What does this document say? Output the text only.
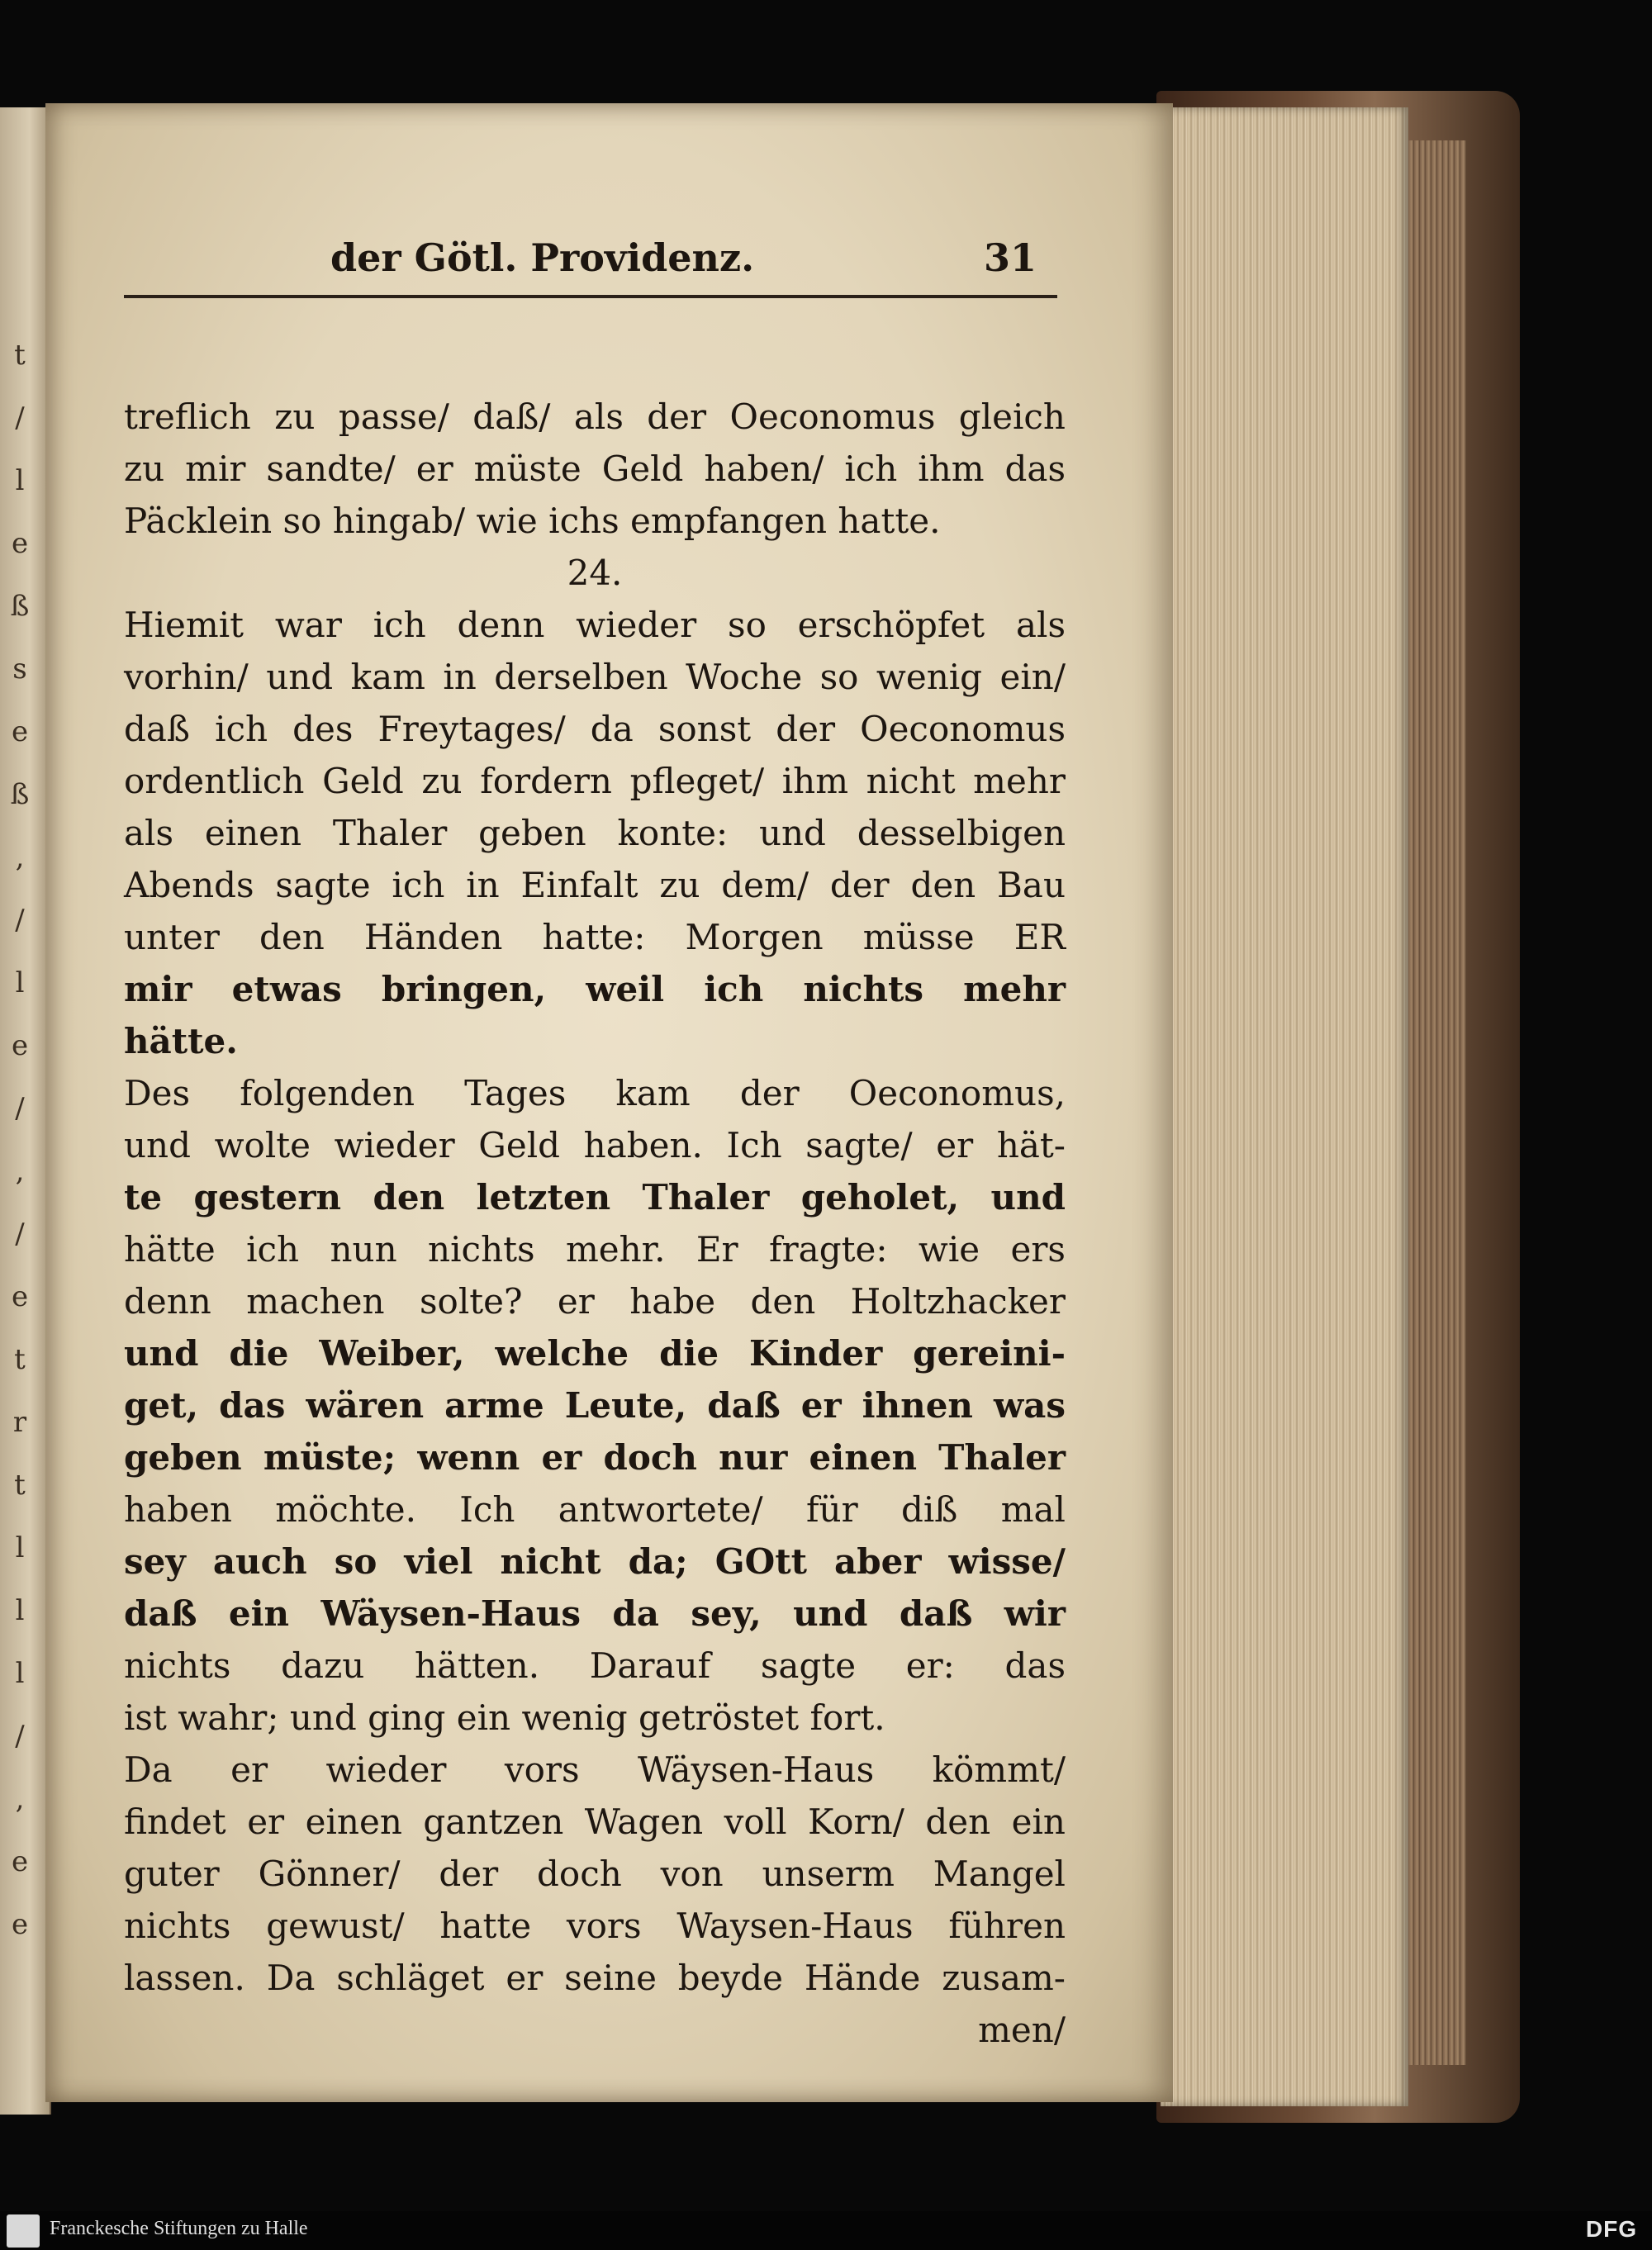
t
/
l
e
ß
s
e
ß
,
/
l
e
/
,
/
e
t
r
t
l
l
l
/
,
e
e
der Götl. Providenz.	31
treflich zu passe/ daß/ als der Oeconomus gleich
zu mir sandte/ er müste Geld haben/ ich ihm das
Päcklein so hingab/ wie ichs empfangen hatte.
24.
Hiemit war ich denn wieder so erschöpfet als
vorhin/ und kam in derselben Woche so wenig ein/
daß ich des Freytages/ da sonst der Oeconomus
ordentlich Geld zu fordern pfleget/ ihm nicht mehr
als einen Thaler geben konte: und desselbigen
Abends sagte ich in Einfalt zu dem/ der den Bau
unter den Händen hatte: Morgen müsse ER
mir etwas bringen, weil ich nichts mehr
hätte.
Des folgenden Tages kam der Oeconomus,
und wolte wieder Geld haben. Ich sagte/ er hät-
te gestern den letzten Thaler geholet, und
hätte ich nun nichts mehr. Er fragte: wie ers
denn machen solte? er habe den Holtzhacker
und die Weiber, welche die Kinder gereini-
get, das wären arme Leute, daß er ihnen was
geben müste; wenn er doch nur einen Thaler
haben möchte. Ich antwortete/ für diß mal
sey auch so viel nicht da; GOtt aber wisse/
daß ein Wäysen-Haus da sey, und daß wir
nichts dazu hätten. Darauf sagte er: das
ist wahr; und ging ein wenig getröstet fort.
Da er wieder vors Wäysen-Haus kömmt/
findet er einen gantzen Wagen voll Korn/ den ein
guter Gönner/ der doch von unserm Mangel
nichts gewust/ hatte vors Waysen-Haus führen
lassen. Da schläget er seine beyde Hände zusam-
men/
Franckesche Stiftungen zu Halle	DFG
